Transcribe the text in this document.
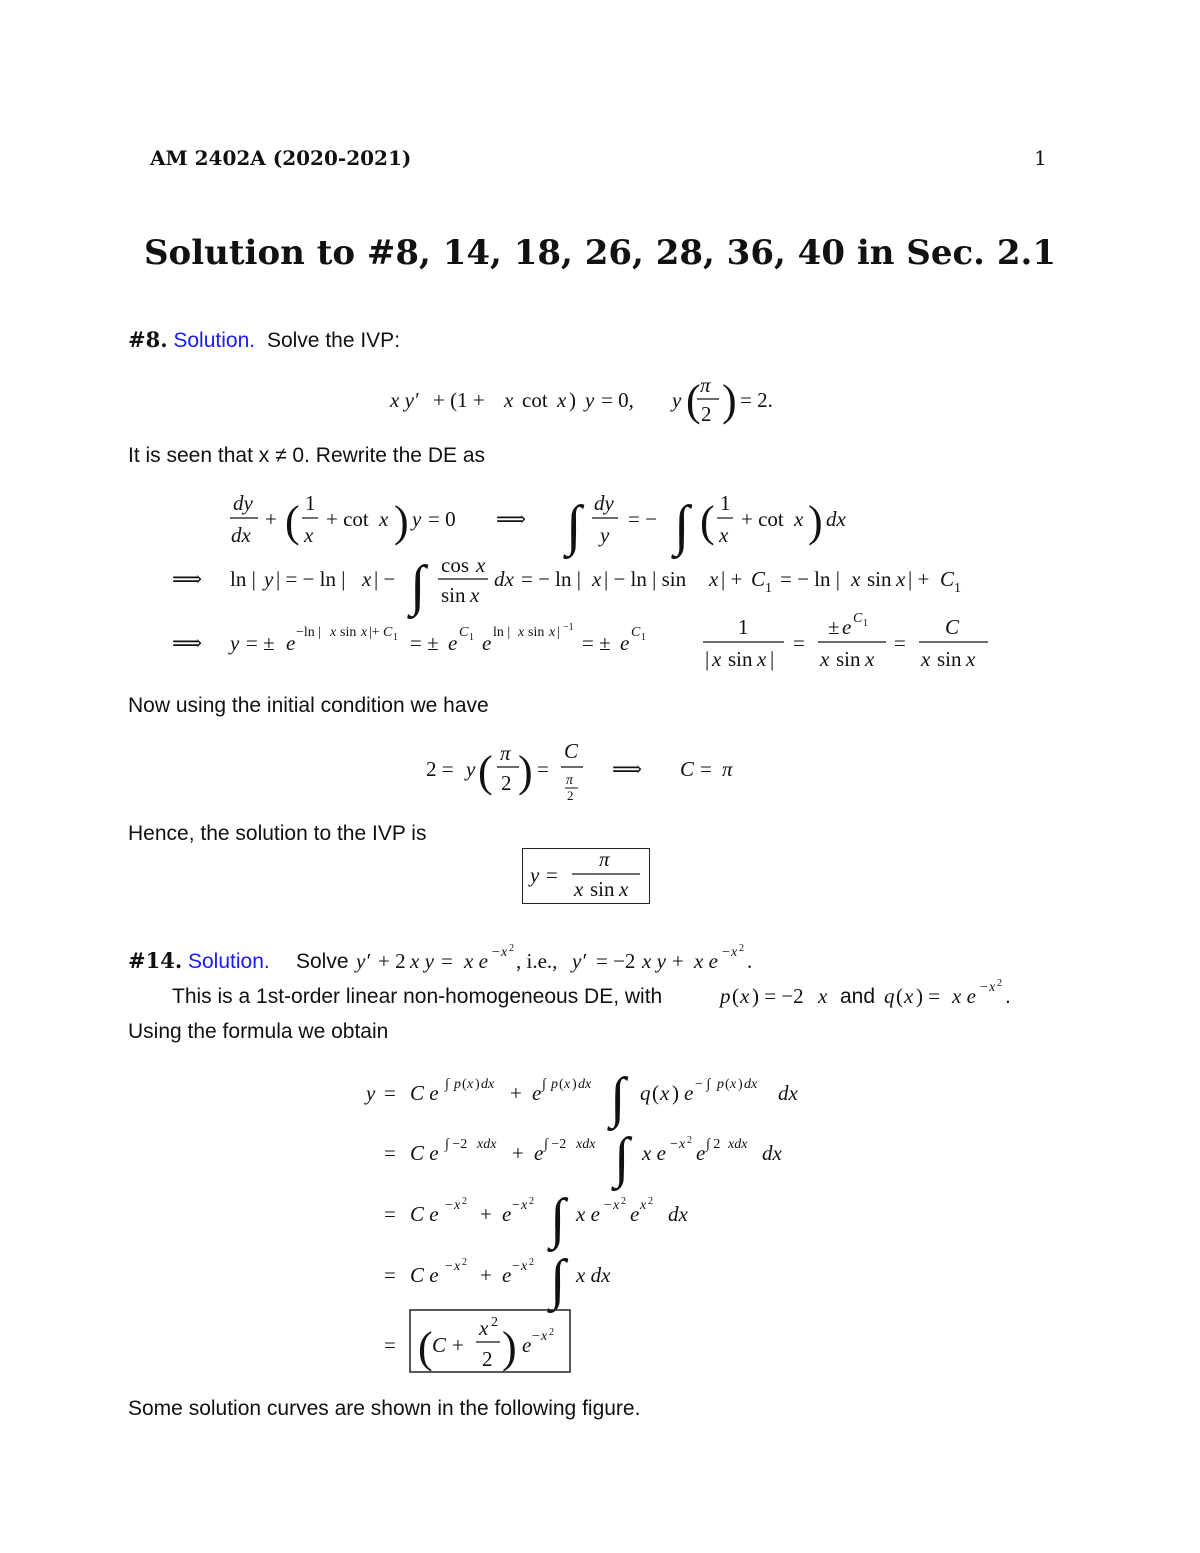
AM 2402A (2020-2021)	1
Solution to #8, 14, 18, 26, 28, 36, 40 in Sec. 2.1
#8. Solution. Solve the IVP:
x y′ + (1 + x cot x ) y = 0, y ( π
2 ) = 2.
It is seen that x ≠ 0. Rewrite the DE as
dy
dx
+ ( 1
x
+ cot x ) y = 0 ⟹ ∫ dy
y
= − ∫ ( 1
x
+ cot x ) dx
⟹ ln | y | = − ln | x | − ∫ cos x
sin x
dx = − ln | x | − ln | sin x | + C 1 = − ln | x sin x | + C 1
⟹ y = ± e −ln | x sin x |+ C 1 = ± e C 1 e ln | x sin x | −1
= ± e C 1	1
| x sin x |
=
± e C 1
x sin x
=
C
x sin x
Now using the initial condition we have
2 = y ( π
2 ) =
C
π
2
⟹ C = π
Hence, the solution to the IVP is
y =
π
x sin x
#14. Solution. Solve y′ + 2 x y = x e − x 2
, i.e., y′ = −2 x y + x e − x 2
.
This is a 1st-order linear non-homogeneous DE, with	p ( x ) = −2 x and q ( x ) = x e − x 2
.
Using the formula we obtain
y = C e ∫ p ( x ) dx + e ∫ p ( x ) dx ∫ q ( x ) e − ∫ p ( x ) dx dx
= C e ∫ −2 xdx + e ∫ −2 xdx ∫ x e − x 2
e ∫ 2 xdx dx
= C e − x 2
+ e − x 2 ∫ x e − x 2
e x 2
dx
= C e − x 2
+ e − x 2 ∫ x dx
= ( C +
x 2
2 ) e − x 2
Some solution curves are shown in the following figure.
